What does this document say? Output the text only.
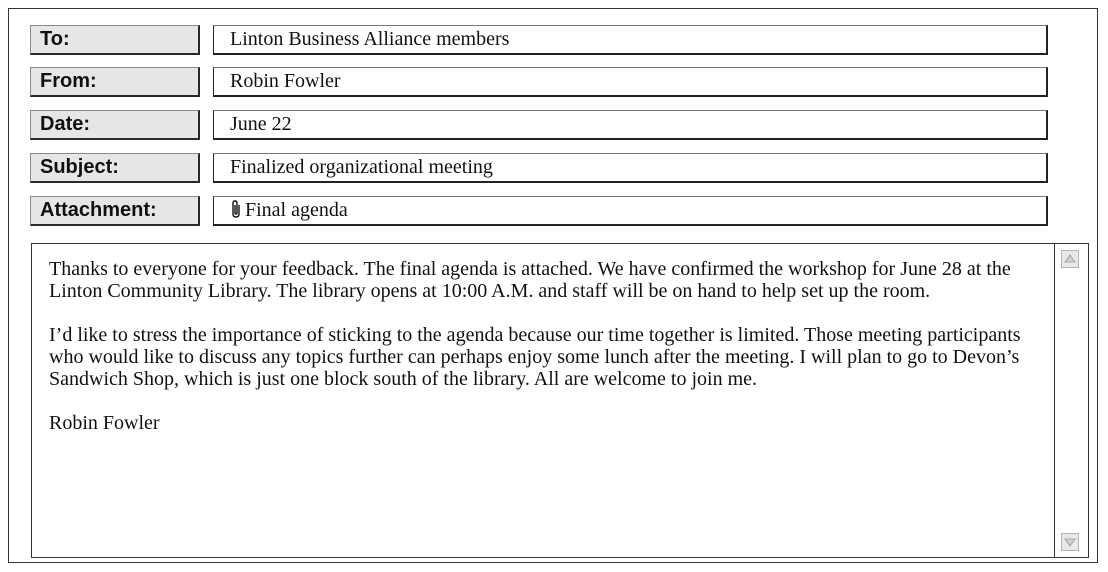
To:	Linton Business Alliance members
From:	Robin Fowler
Date:	June 22
Subject:	Finalized organizational meeting
Attachment:	Final agenda

Thanks to everyone for your feedback. The final agenda is attached. We have confirmed the workshop for June 28 at the Linton Community Library. The library opens at 10:00 A.M. and staff will be on hand to help set up the room.

I’d like to stress the importance of sticking to the agenda because our time together is limited. Those meeting participants who would like to discuss any topics further can perhaps enjoy some lunch after the meeting. I will plan to go to Devon’s Sandwich Shop, which is just one block south of the library. All are welcome to join me.

Robin Fowler
